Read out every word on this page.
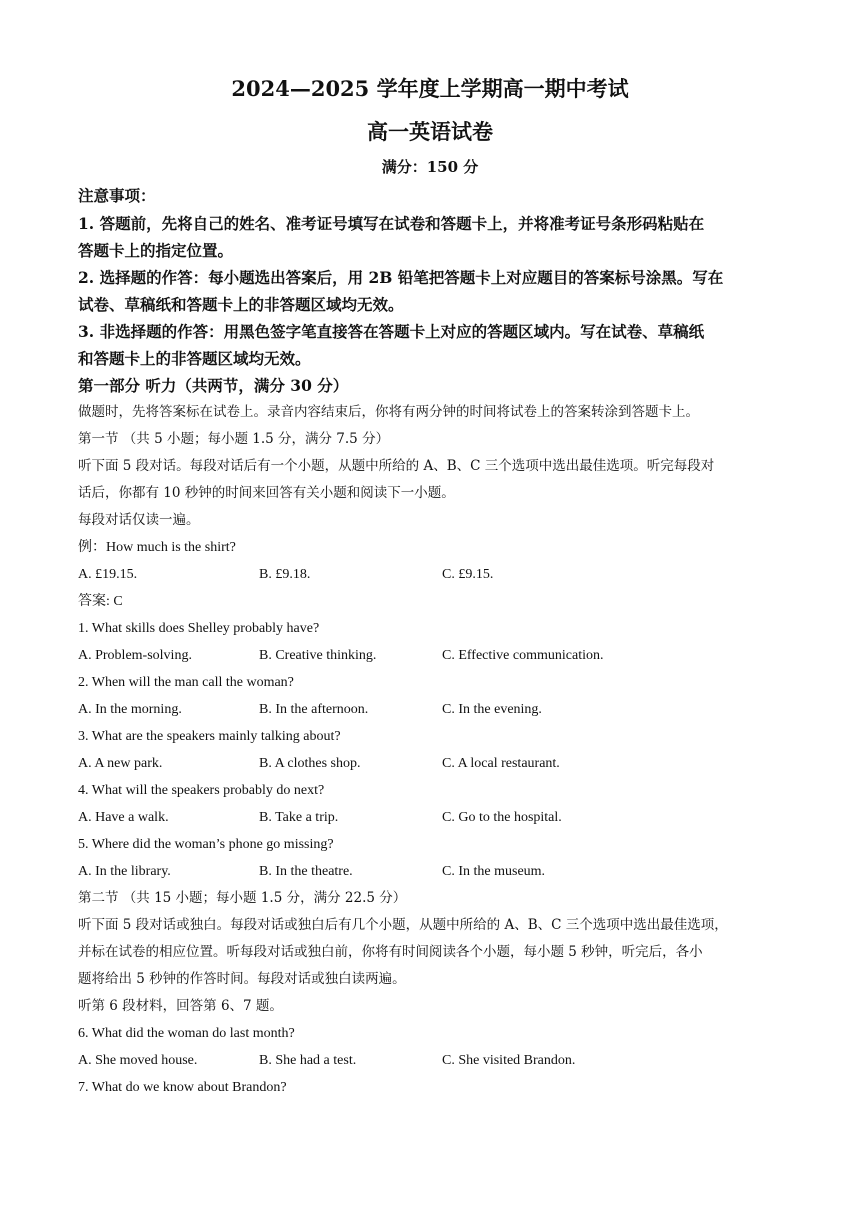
2024—2025 学年度上学期高一期中考试
高一英语试卷
满分：150 分
注意事项：
1. 答题前，先将自己的姓名、准考证号填写在试卷和答题卡上，并将准考证号条形码粘贴在
答题卡上的指定位置。
2. 选择题的作答：每小题选出答案后，用 2B 铅笔把答题卡上对应题目的答案标号涂黑。写在
试卷、草稿纸和答题卡上的非答题区域均无效。
3. 非选择题的作答：用黑色签字笔直接答在答题卡上对应的答题区域内。写在试卷、草稿纸
和答题卡上的非答题区域均无效。
第一部分 听力（共两节，满分 30 分）
做题时，先将答案标在试卷上。录音内容结束后，你将有两分钟的时间将试卷上的答案转涂到答题卡上。
第一节 （共 5 小题；每小题 1.5 分，满分 7.5 分）
听下面 5 段对话。每段对话后有一个小题，从题中所给的 A、B、C 三个选项中选出最佳选项。听完每段对
话后，你都有 10 秒钟的时间来回答有关小题和阅读下一小题。
每段对话仅读一遍。
例：How much is the shirt?
A. £19.15.	B. £9.18.	C. £9.15.
答案: C
1. What skills does Shelley probably have?
A. Problem-solving.	B. Creative thinking.	C. Effective communication.
2. When will the man call the woman?
A. In the morning.	B. In the afternoon.	C. In the evening.
3. What are the speakers mainly talking about?
A. A new park.	B. A clothes shop.	C. A local restaurant.
4. What will the speakers probably do next?
A. Have a walk.	B. Take a trip.	C. Go to the hospital.
5. Where did the woman’s phone go missing?
A. In the library.	B. In the theatre.	C. In the museum.
第二节 （共 15 小题；每小题 1.5 分，满分 22.5 分）
听下面 5 段对话或独白。每段对话或独白后有几个小题，从题中所给的 A、B、C 三个选项中选出最佳选项，
并标在试卷的相应位置。听每段对话或独白前，你将有时间阅读各个小题，每小题 5 秒钟，听完后，各小
题将给出 5 秒钟的作答时间。每段对话或独白读两遍。
听第 6 段材料，回答第 6、7 题。
6. What did the woman do last month?
A. She moved house.	B. She had a test.	C. She visited Brandon.
7. What do we know about Brandon?
